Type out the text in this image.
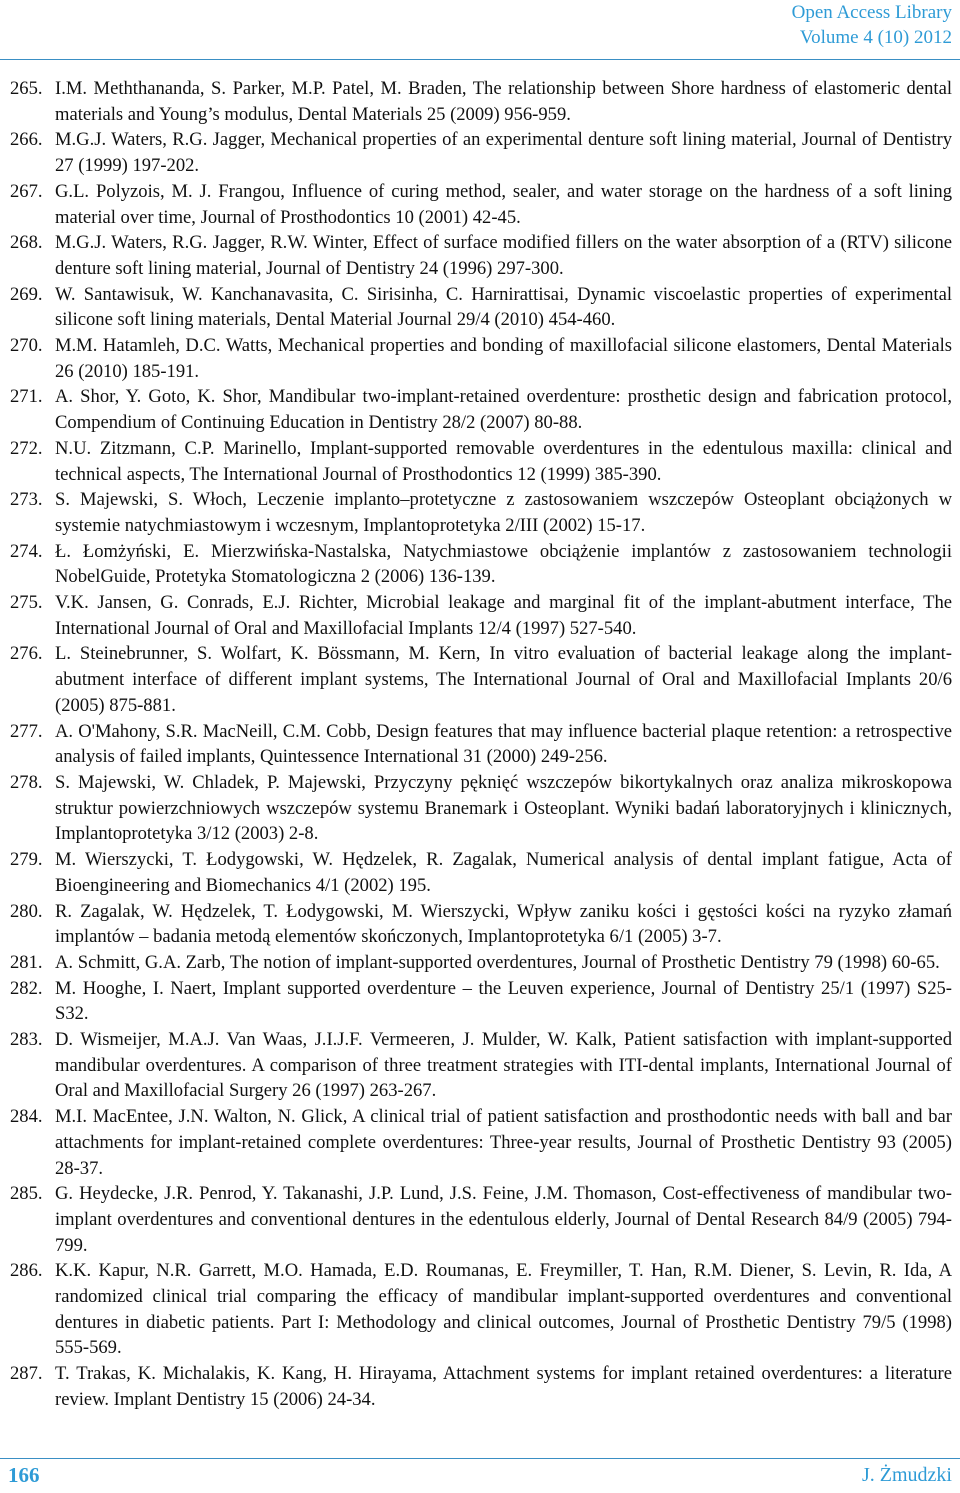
Open Access Library
Volume 4 (10) 2012
265. I.M. Meththananda, S. Parker, M.P. Patel, M. Braden, The relationship between Shore hardness of elastomeric dental materials and Young’s modulus, Dental Materials 25 (2009) 956-959.
266. M.G.J. Waters, R.G. Jagger, Mechanical properties of an experimental denture soft lining material, Journal of Dentistry 27 (1999) 197-202.
267. G.L. Polyzois, M. J. Frangou, Influence of curing method, sealer, and water storage on the hardness of a soft lining material over time, Journal of Prosthodontics 10 (2001) 42-45.
268. M.G.J. Waters, R.G. Jagger, R.W. Winter, Effect of surface modified fillers on the water absorption of a (RTV) silicone denture soft lining material, Journal of Dentistry 24 (1996) 297-300.
269. W. Santawisuk, W. Kanchanavasita, C. Sirisinha, C. Harnirattisai, Dynamic viscoelastic properties of experimental silicone soft lining materials, Dental Material Journal 29/4 (2010) 454-460.
270. M.M. Hatamleh, D.C. Watts, Mechanical properties and bonding of maxillofacial silicone elastomers, Dental Materials 26 (2010) 185-191.
271. A. Shor, Y. Goto, K. Shor, Mandibular two-implant-retained overdenture: prosthetic design and fabrication protocol, Compendium of Continuing Education in Dentistry 28/2 (2007) 80-88.
272. N.U. Zitzmann, C.P. Marinello, Implant-supported removable overdentures in the edentulous maxilla: clinical and technical aspects, The International Journal of Prosthodontics 12 (1999) 385-390.
273. S. Majewski, S. Włoch, Leczenie implanto–protetyczne z zastosowaniem wszczepów Osteoplant obciążonych w systemie natychmiastowym i wczesnym, Implantoprotetyka 2/III (2002) 15-17.
274. Ł. Łomżyński, E. Mierzwińska-Nastalska, Natychmiastowe obciążenie implantów z zastosowaniem technologii NobelGuide, Protetyka Stomatologiczna 2 (2006) 136-139.
275. V.K. Jansen, G. Conrads, E.J. Richter, Microbial leakage and marginal fit of the implant-abutment interface, The International Journal of Oral and Maxillofacial Implants 12/4 (1997) 527-540.
276. L. Steinebrunner, S. Wolfart, K. Bössmann, M. Kern, In vitro evaluation of bacterial leakage along the implant-abutment interface of different implant systems, The International Journal of Oral and Maxillofacial Implants 20/6 (2005) 875-881.
277. A. O'Mahony, S.R. MacNeill, C.M. Cobb, Design features that may influence bacterial plaque retention: a retrospective analysis of failed implants, Quintessence International 31 (2000) 249-256.
278. S. Majewski, W. Chladek, P. Majewski, Przyczyny pęknięć wszczepów bikortykalnych oraz analiza mikroskopowa struktur powierzchniowych wszczepów systemu Branemark i Osteoplant. Wyniki badań laboratoryjnych i klinicznych, Implantoprotetyka 3/12 (2003) 2-8.
279. M. Wierszycki, T. Łodygowski, W. Hędzelek, R. Zagalak, Numerical analysis of dental implant fatigue, Acta of Bioengineering and Biomechanics 4/1 (2002) 195.
280. R. Zagalak, W. Hędzelek, T. Łodygowski, M. Wierszycki, Wpływ zaniku kości i gęstości kości na ryzyko złamań implantów – badania metodą elementów skończonych, Implantoprotetyka 6/1 (2005) 3-7.
281. A. Schmitt, G.A. Zarb, The notion of implant-supported overdentures, Journal of Prosthetic Dentistry 79 (1998) 60-65.
282. M. Hooghe, I. Naert, Implant supported overdenture – the Leuven experience, Journal of Dentistry 25/1 (1997) S25-S32.
283. D. Wismeijer, M.A.J. Van Waas, J.I.J.F. Vermeeren, J. Mulder, W. Kalk, Patient satisfaction with implant-supported mandibular overdentures. A comparison of three treatment strategies with ITI-dental implants, International Journal of Oral and Maxillofacial Surgery 26 (1997) 263-267.
284. M.I. MacEntee, J.N. Walton, N. Glick, A clinical trial of patient satisfaction and prosthodontic needs with ball and bar attachments for implant-retained complete overdentures: Three-year results, Journal of Prosthetic Dentistry 93 (2005) 28-37.
285. G. Heydecke, J.R. Penrod, Y. Takanashi, J.P. Lund, J.S. Feine, J.M. Thomason, Cost-effectiveness of mandibular two-implant overdentures and conventional dentures in the edentulous elderly, Journal of Dental Research 84/9 (2005) 794-799.
286. K.K. Kapur, N.R. Garrett, M.O. Hamada, E.D. Roumanas, E. Freymiller, T. Han, R.M. Diener, S. Levin, R. Ida, A randomized clinical trial comparing the efficacy of mandibular implant-supported overdentures and conventional dentures in diabetic patients. Part I: Methodology and clinical outcomes, Journal of Prosthetic Dentistry 79/5 (1998) 555-569.
287. T. Trakas, K. Michalakis, K. Kang, H. Hirayama, Attachment systems for implant retained overdentures: a literature review. Implant Dentistry 15 (2006) 24-34.
166	J. Żmudzki
